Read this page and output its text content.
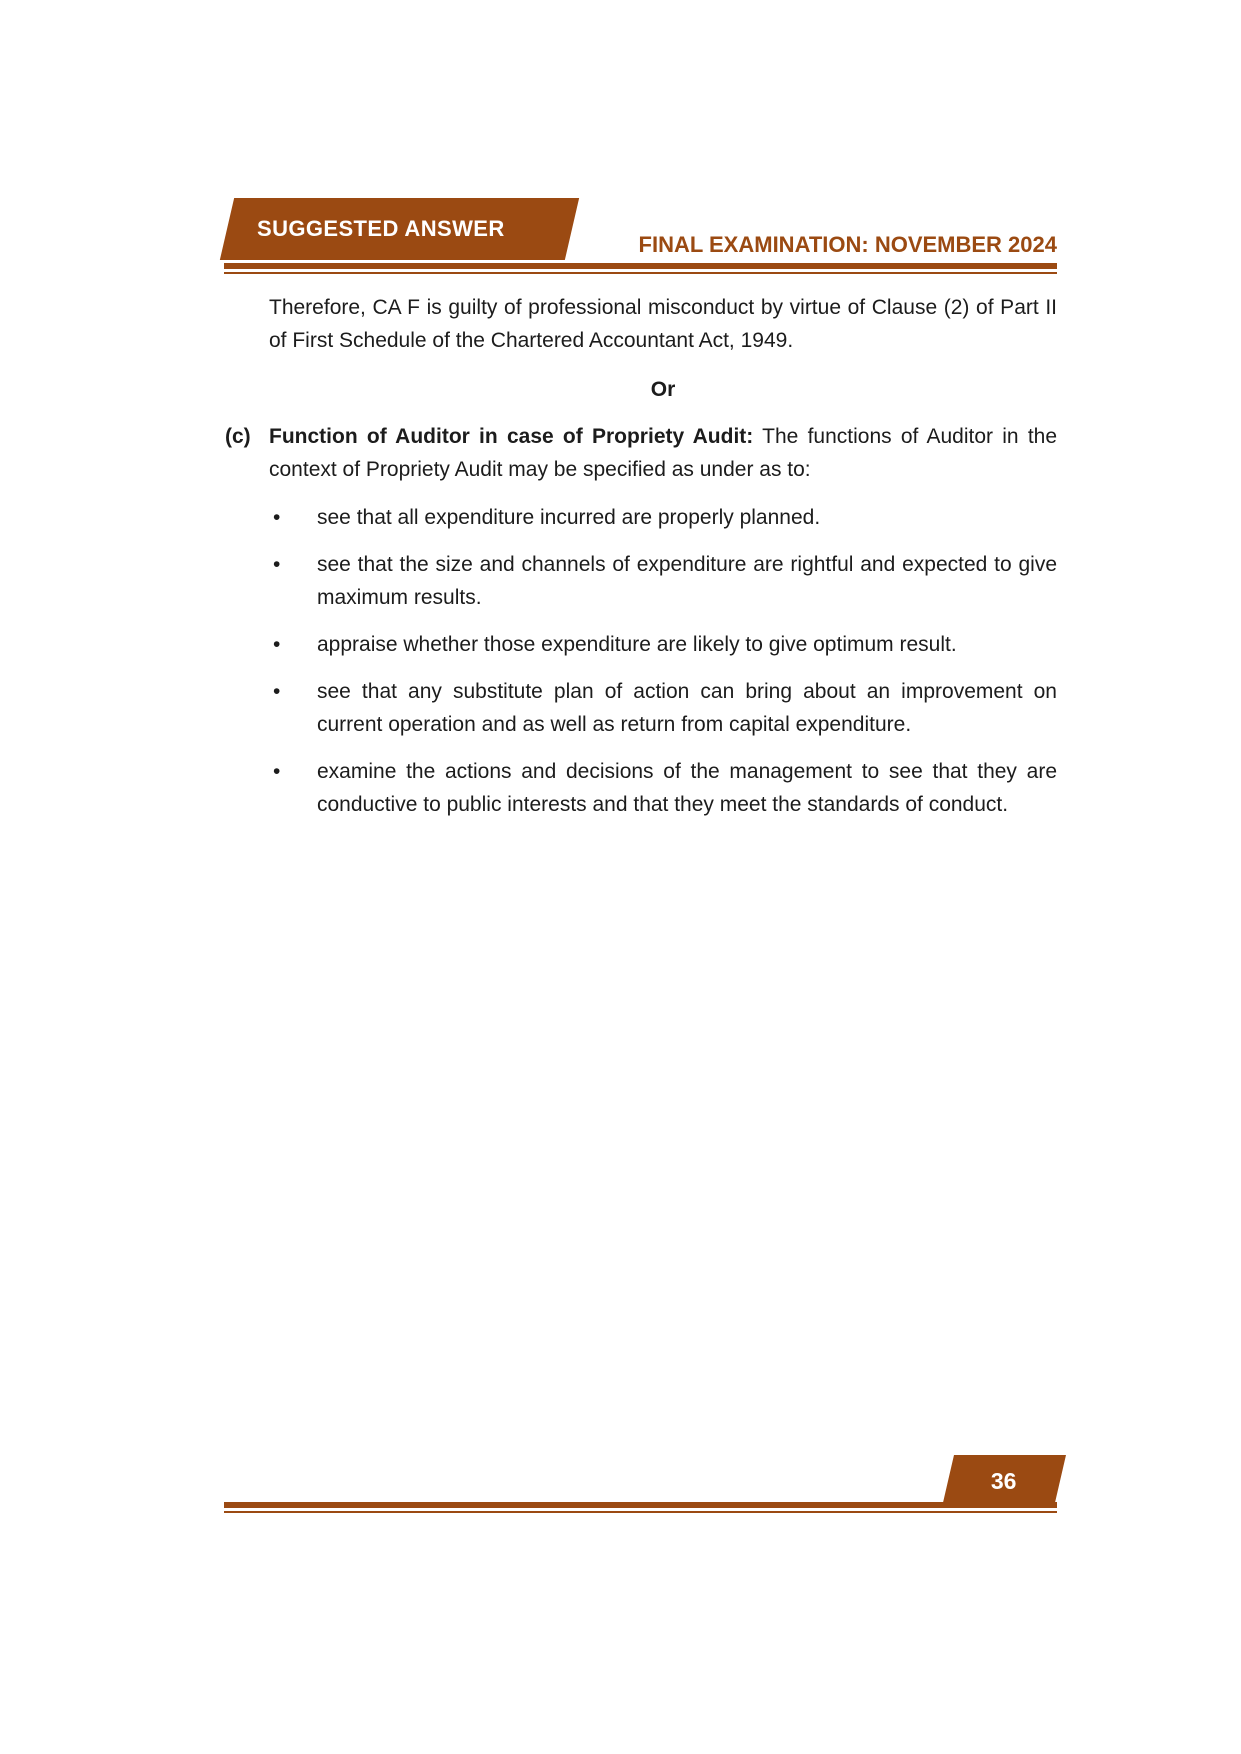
SUGGESTED ANSWER
FINAL EXAMINATION: NOVEMBER 2024

Therefore, CA F is guilty of professional misconduct by virtue of Clause (2) of Part II of First Schedule of the Chartered Accountant Act, 1949.

Or

(c) Function of Auditor in case of Propriety Audit: The functions of Auditor in the context of Propriety Audit may be specified as under as to:
• see that all expenditure incurred are properly planned.
• see that the size and channels of expenditure are rightful and expected to give maximum results.
• appraise whether those expenditure are likely to give optimum result.
• see that any substitute plan of action can bring about an improvement on current operation and as well as return from capital expenditure.
• examine the actions and decisions of the management to see that they are conductive to public interests and that they meet the standards of conduct.
36
